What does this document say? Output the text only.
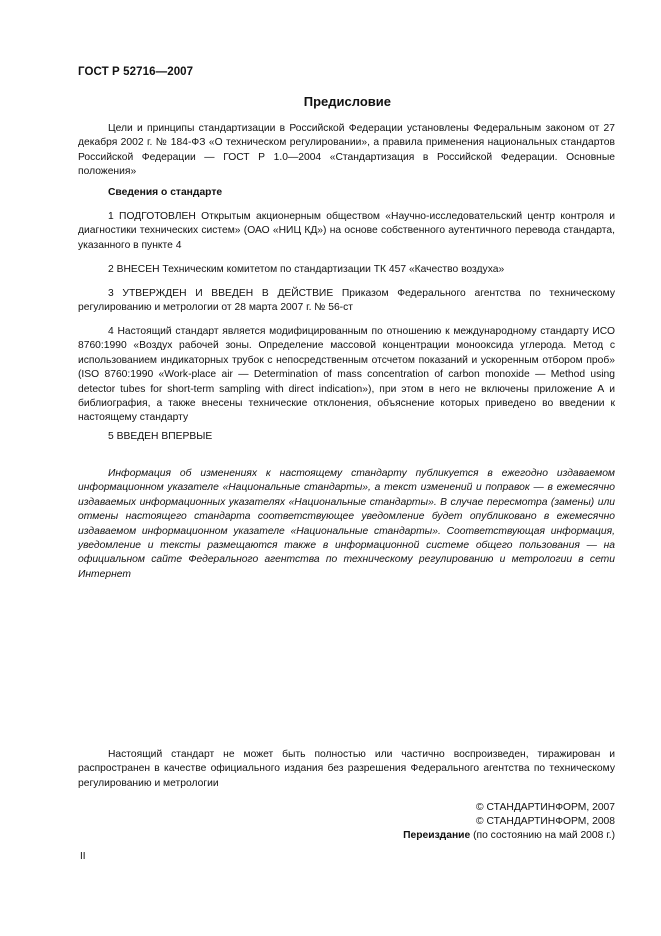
ГОСТ Р 52716—2007
Предисловие

Цели и принципы стандартизации в Российской Федерации установлены Федеральным законом от 27 декабря 2002 г. № 184-ФЗ «О техническом регулировании», а правила применения национальных стандартов Российской Федерации — ГОСТ Р 1.0—2004 «Стандартизация в Российской Федерации. Основные положения»

Сведения о стандарте

1 ПОДГОТОВЛЕН Открытым акционерным обществом «Научно-исследовательский центр контроля и диагностики технических систем» (ОАО «НИЦ КД») на основе собственного аутентичного перевода стандарта, указанного в пункте 4

2 ВНЕСЕН Техническим комитетом по стандартизации ТК 457 «Качество воздуха»

3 УТВЕРЖДЕН И ВВЕДЕН В ДЕЙСТВИЕ Приказом Федерального агентства по техническому регулированию и метрологии от 28 марта 2007 г. № 56-ст

4 Настоящий стандарт является модифицированным по отношению к международному стандарту ИСО 8760:1990 «Воздух рабочей зоны. Определение массовой концентрации монооксида углерода. Метод с использованием индикаторных трубок с непосредственным отсчетом показаний и ускоренным отбором проб» (ISO 8760:1990 «Work-place air — Determination of mass concentration of carbon monoxide — Method using detector tubes for short-term sampling with direct indication»), при этом в него не включены приложение А и библиография, а также внесены технические отклонения, объяснение которых приведено во введении к настоящему стандарту

5 ВВЕДЕН ВПЕРВЫЕ

Информация об изменениях к настоящему стандарту публикуется в ежегодно издаваемом информационном указателе «Национальные стандарты», а текст изменений и поправок — в ежемесячно издаваемых информационных указателях «Национальные стандарты». В случае пересмотра (замены) или отмены настоящего стандарта соответствующее уведомление будет опубликовано в ежемесячно издаваемом информационном указателе «Национальные стандарты». Соответствующая информация, уведомление и тексты размещаются также в информационной системе общего пользования — на официальном сайте Федерального агентства по техническому регулированию и метрологии в сети Интернет

Настоящий стандарт не может быть полностью или частично воспроизведен, тиражирован и распространен в качестве официального издания без разрешения Федерального агентства по техническому регулированию и метрологии

© СТАНДАРТИНФОРМ, 2007
© СТАНДАРТИНФОРМ, 2008
Переиздание (по состоянию на май 2008 г.)
II
